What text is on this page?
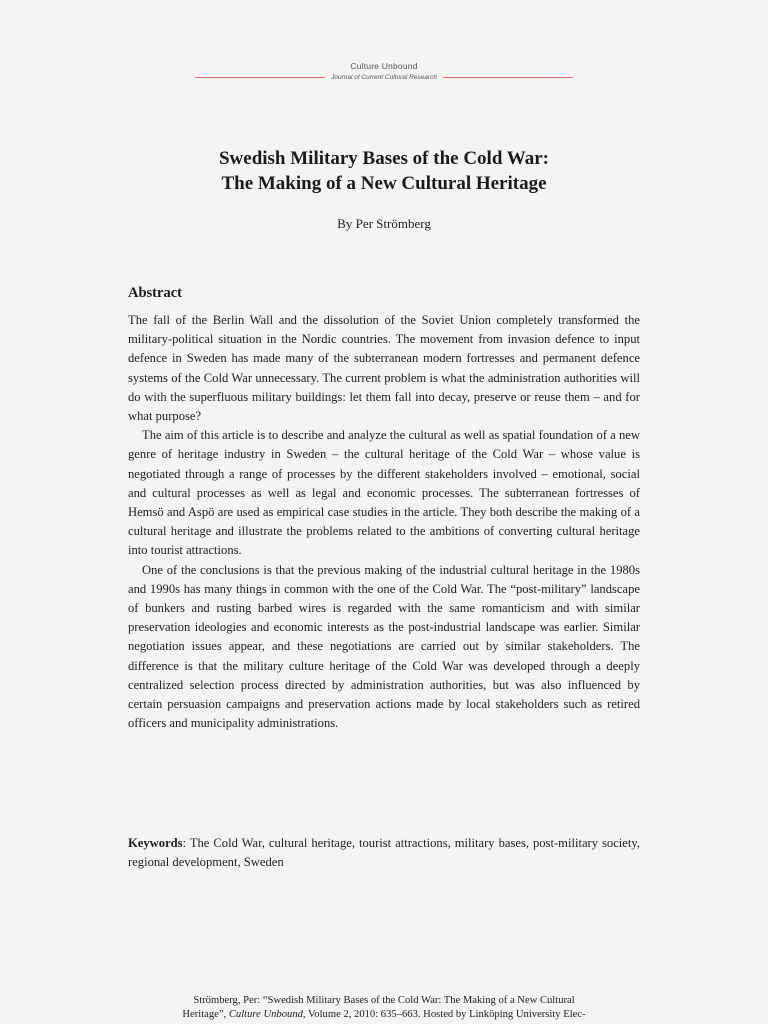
Culture Unbound
Journal of Current Cultural Research
Swedish Military Bases of the Cold War:
The Making of a New Cultural Heritage
By Per Strömberg
Abstract

The fall of the Berlin Wall and the dissolution of the Soviet Union completely transformed the military-political situation in the Nordic countries. The movement from invasion defence to input defence in Sweden has made many of the subterranean modern fortresses and permanent defence systems of the Cold War unnecessary. The current problem is what the administration authorities will do with the superfluous military buildings: let them fall into decay, preserve or reuse them – and for what purpose?

The aim of this article is to describe and analyze the cultural as well as spatial foundation of a new genre of heritage industry in Sweden – the cultural heritage of the Cold War – whose value is negotiated through a range of processes by the different stakeholders involved – emotional, social and cultural processes as well as legal and economic processes. The subterranean fortresses of Hemsö and Aspö are used as empirical case studies in the article. They both describe the making of a cultural heritage and illustrate the problems related to the ambitions of converting cultural heritage into tourist attractions.

One of the conclusions is that the previous making of the industrial cultural heritage in the 1980s and 1990s has many things in common with the one of the Cold War. The “post-military” landscape of bunkers and rusting barbed wires is regarded with the same romanticism and with similar preservation ideologies and economic interests as the post-industrial landscape was earlier. Similar negotiation issues appear, and these negotiations are carried out by similar stakeholders. The difference is that the military culture heritage of the Cold War was developed through a deeply centralized selection process directed by administration authorities, but was also influenced by certain persuasion campaigns and preservation actions made by local stakeholders such as retired officers and municipality administrations.

Keywords: The Cold War, cultural heritage, tourist attractions, military bases, post-military society, regional development, Sweden
Strömberg, Per: “Swedish Military Bases of the Cold War: The Making of a New Cultural
Heritage”, Culture Unbound, Volume 2, 2010: 635–663. Hosted by Linköping University Elec-
